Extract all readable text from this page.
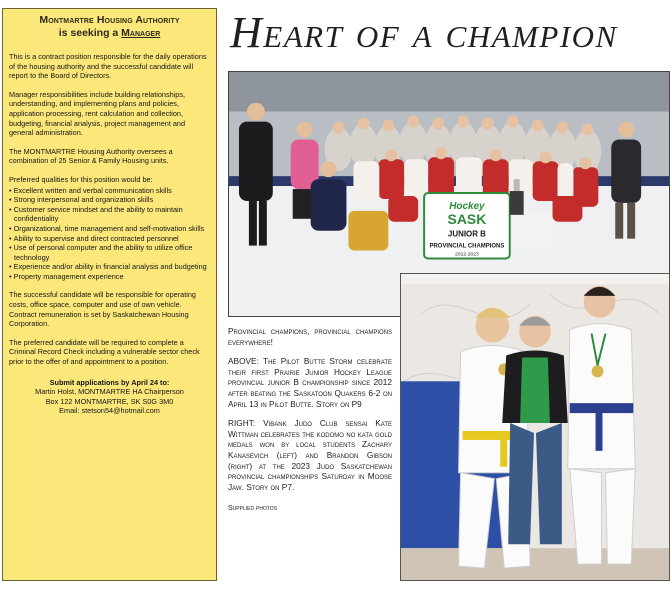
Montmartre Housing Authority
is seeking a Manager

This is a contract position responsible for the daily operations of the housing authority and the successful candidate will report to the Board of Directors.

Manager responsibilities include building relationships, understanding, and implementing plans and policies, application processing, rent calculation and collection, budgeting, financial analysis, project management and general administration.

The MONTMARTRE Housing Authority oversees a combination of 25 Senior & Family Housing units.

Preferred qualities for this position would be:

• Excellent written and verbal communication skills
• Strong interpersonal and organization skills
• Customer service mindset and the ability to maintain confidentiality
• Organizational, time management and self-motivation skills
• Ability to supervise and direct contracted personnel
• Use of personal computer and the ability to utilize office technology
• Experience and/or ability in financial analysis and budgeting
• Property management experience

The successful candidate will be responsible for operating costs, office space, computer and use of own vehicle. Contract remuneration is set by Saskatchewan Housing Corporation.

The preferred candidate will be required to complete a Criminal Record Check including a vulnerable sector check prior to the offer of and appointment to a position.

Submit applications by April 24 to:
Martin Holst, MONTMARTRE HA Chairperson
Box 122 MONTMARTRE, SK S0G 3M0
Email: stetson54@hotmail.com
Heart of a champion
Hockey
SASK
JUNIOR B
PROVINCIAL CHAMPIONS
2022-2023

Provincial champions, provincial champions everywhere!

ABOVE: The Pilot Butte Storm celebrate their first Prairie Junior Hockey League provincial junior B championship since 2012 after beating the Saskatoon Quakers 6-2 on April 13 in Pilot Butte. Story on P9

RIGHT: Vibank Judo Club sensai Kate Wittman celebrates the kodomo no kata gold medals won by local students Zachary Kanasevich (left) and Brandon Gibson (right) at the 2023 Judo Saskatchewan provincial championships Saturday in Moose Jaw. Story on P7.

Supplied photos
